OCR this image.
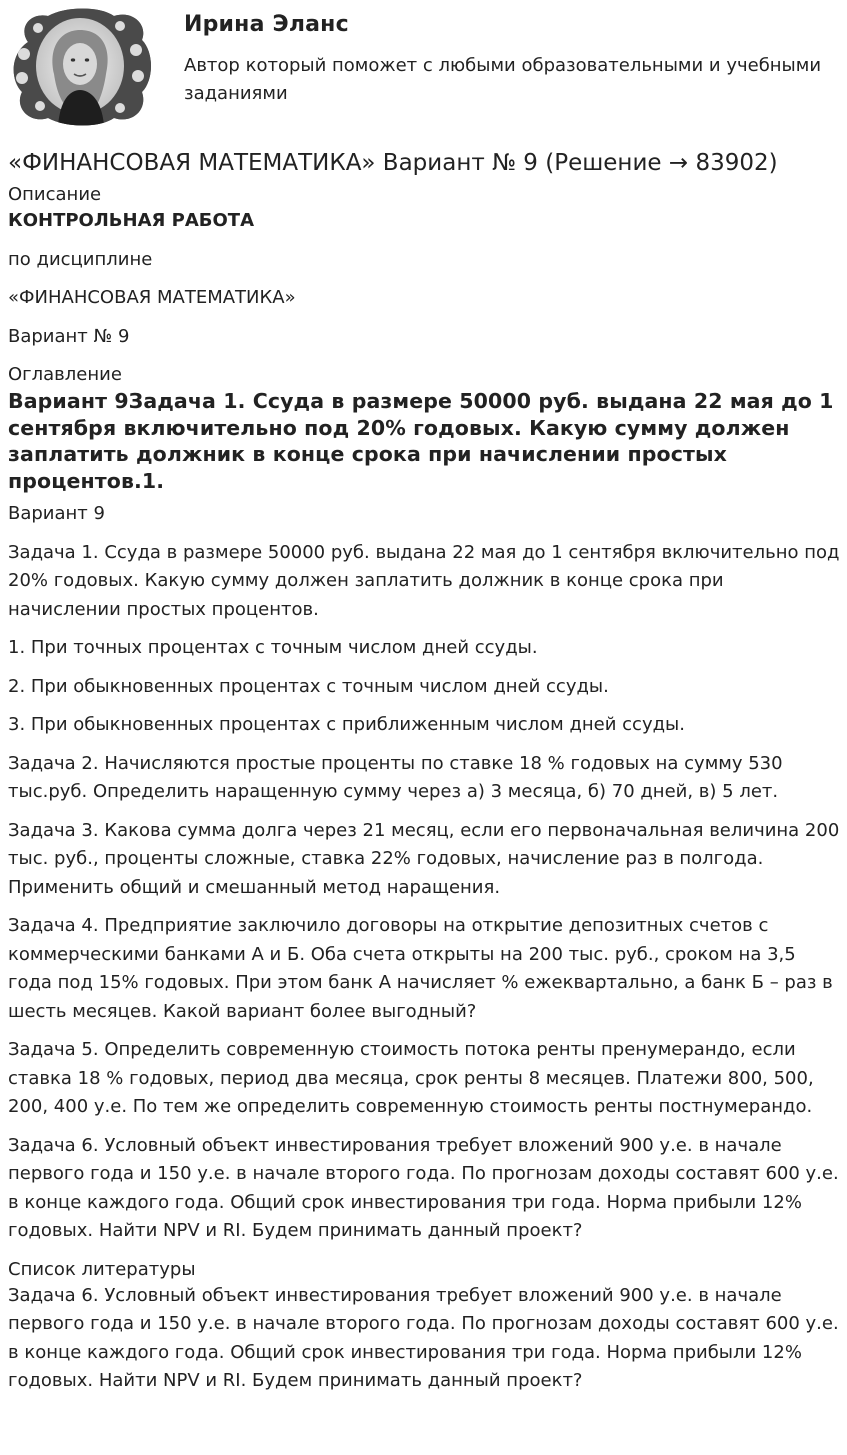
Ирина Эланс
Автор который поможет с любыми образовательными и учебными заданиями
«ФИНАНСОВАЯ МАТЕМАТИКА» Вариант № 9 (Решение → 83902)

Описание

КОНТРОЛЬНАЯ РАБОТА

по дисциплине

«ФИНАНСОВАЯ МАТЕМАТИКА»

Вариант № 9

Оглавление

Вариант 9Задача 1. Ссуда в размере 50000 руб. выдана 22 мая до 1 сентября включительно под 20% годовых. Какую сумму должен заплатить должник в конце срока при начислении простых процентов.1.

Вариант 9

Задача 1. Ссуда в размере 50000 руб. выдана 22 мая до 1 сентября включительно под 20% годовых. Какую сумму должен заплатить должник в конце срока при начислении простых процентов.

1. При точных процентах с точным числом дней ссуды.

2. При обыкновенных процентах с точным числом дней ссуды.

3. При обыкновенных процентах с приближенным числом дней ссуды.

Задача 2. Начисляются простые проценты по ставке 18 % годовых на сумму 530 тыс.руб. Определить наращенную сумму через а) 3 месяца, б) 70 дней, в) 5 лет.

Задача 3. Какова сумма долга через 21 месяц, если его первоначальная величина 200 тыс. руб., проценты сложные, ставка 22% годовых, начисление раз в полгода. Применить общий и смешанный метод наращения.

Задача 4. Предприятие заключило договоры на открытие депозитных счетов с коммерческими банками А и Б. Оба счета открыты на 200 тыс. руб., сроком на 3,5 года под 15% годовых. При этом банк А начисляет % ежеквартально, а банк Б – раз в шесть месяцев. Какой вариант более выгодный?

Задача 5. Определить современную стоимость потока ренты пренумерандо, если ставка 18 % годовых, период два месяца, срок ренты 8 месяцев. Платежи 800, 500, 200, 400 у.е. По тем же определить современную стоимость ренты постнумерандо.

Задача 6. Условный объект инвестирования требует вложений 900 у.е. в начале первого года и 150 у.е. в начале второго года. По прогнозам доходы составят 600 у.е. в конце каждого года. Общий срок инвестирования три года. Норма прибыли 12% годовых. Найти NPV и RI. Будем принимать данный проект?

Список литературы

Задача 6. Условный объект инвестирования требует вложений 900 у.е. в начале первого года и 150 у.е. в начале второго года. По прогнозам доходы составят 600 у.е. в конце каждого года. Общий срок инвестирования три года. Норма прибыли 12% годовых. Найти NPV и RI. Будем принимать данный проект?
